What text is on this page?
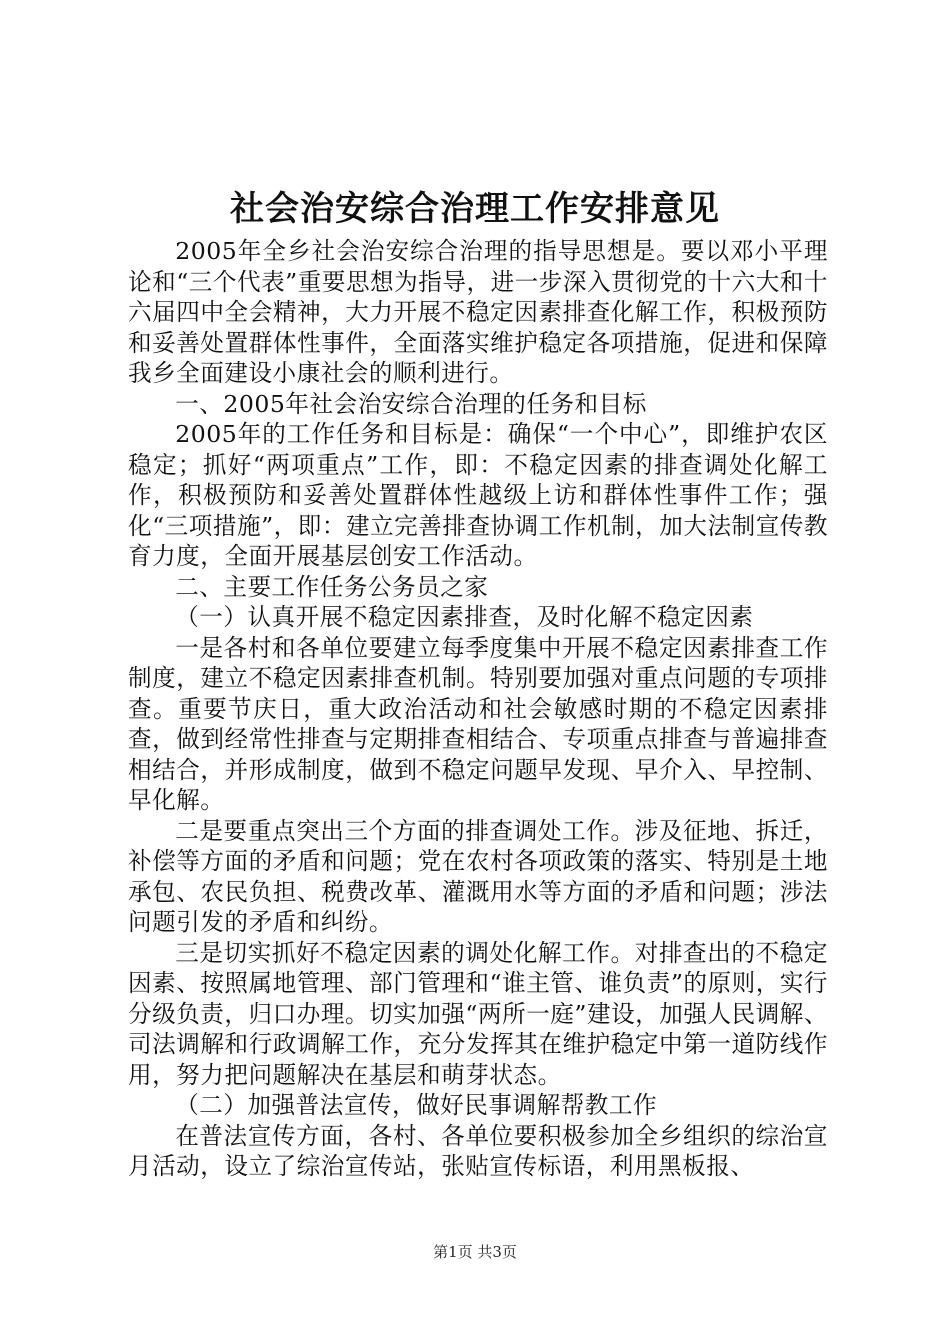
社会治安综合治理工作安排意见

2005年全乡社会治安综合治理的指导思想是。要以邓小平理论和“三个代表”重要思想为指导，进一步深入贯彻党的十六大和十六届四中全会精神，大力开展不稳定因素排查化解工作，积极预防和妥善处置群体性事件，全面落实维护稳定各项措施，促进和保障我乡全面建设小康社会的顺利进行。

一、2005年社会治安综合治理的任务和目标

2005年的工作任务和目标是：确保“一个中心”，即维护农区稳定；抓好“两项重点”工作，即：不稳定因素的排查调处化解工作，积极预防和妥善处置群体性越级上访和群体性事件工作；强化“三项措施”，即：建立完善排查协调工作机制，加大法制宣传教育力度，全面开展基层创安工作活动。

二、主要工作任务公务员之家

（一）认真开展不稳定因素排查，及时化解不稳定因素

一是各村和各单位要建立每季度集中开展不稳定因素排查工作制度，建立不稳定因素排查机制。特别要加强对重点问题的专项排查。重要节庆日，重大政治活动和社会敏感时期的不稳定因素排查，做到经常性排查与定期排查相结合、专项重点排查与普遍排查相结合，并形成制度，做到不稳定问题早发现、早介入、早控制、早化解。

二是要重点突出三个方面的排查调处工作。涉及征地、拆迁，补偿等方面的矛盾和问题；党在农村各项政策的落实、特别是土地承包、农民负担、税费改革、灌溉用水等方面的矛盾和问题；涉法问题引发的矛盾和纠纷。

三是切实抓好不稳定因素的调处化解工作。对排查出的不稳定因素、按照属地管理、部门管理和“谁主管、谁负责”的原则，实行分级负责，归口办理。切实加强“两所一庭”建设，加强人民调解、司法调解和行政调解工作，充分发挥其在维护稳定中第一道防线作用，努力把问题解决在基层和萌芽状态。

（二）加强普法宣传，做好民事调解帮教工作

在普法宣传方面，各村、各单位要积极参加全乡组织的综治宣月活动，设立了综治宣传站，张贴宣传标语，利用黑板报、

第1页 共3页
